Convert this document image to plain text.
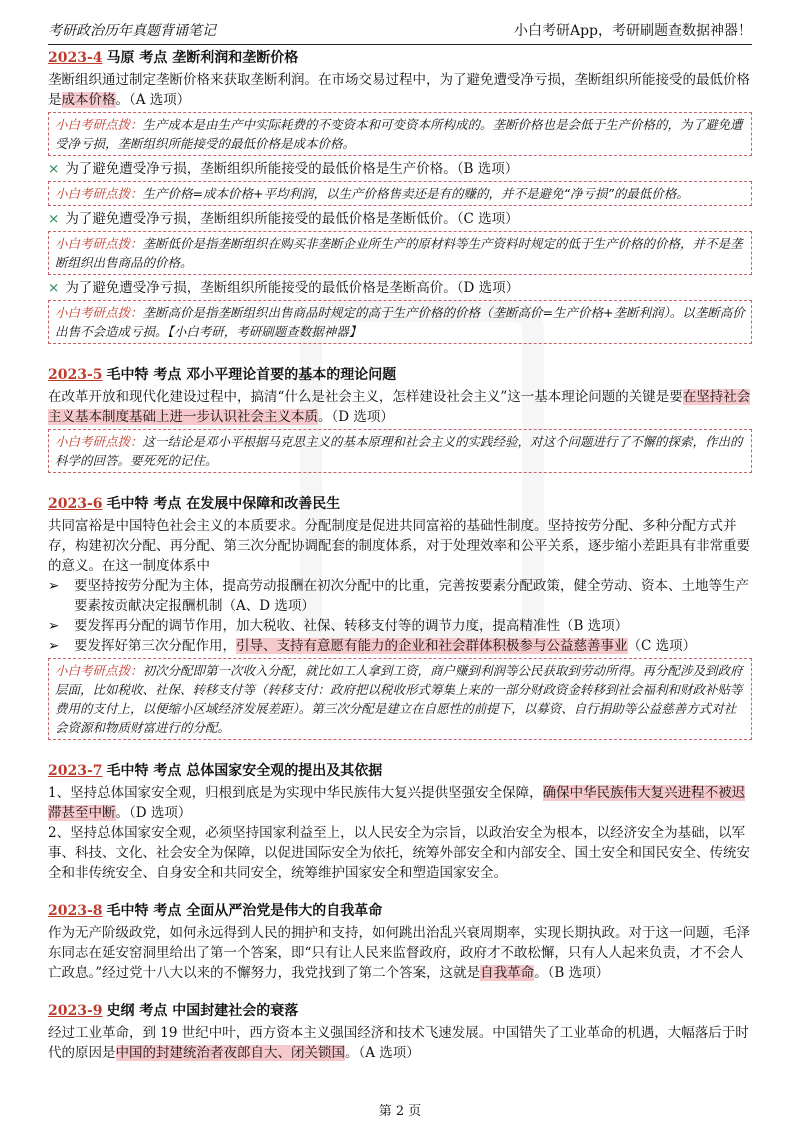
考研政治历年真题背诵笔记	小白考研App，考研刷题查数据神器！

2023-4 马原 考点 垄断利润和垄断价格

垄断组织通过制定垄断价格来获取垄断利润。在市场交易过程中，为了避免遭受净亏损，垄断组织所能接受的最低价格是成本价格。（A 选项）

小白考研点拨：生产成本是由生产中实际耗费的不变资本和可变资本所构成的。垄断价格也是会低于生产价格的，为了避免遭受净亏损，垄断组织所能接受的最低价格是成本价格。

× 为了避免遭受净亏损，垄断组织所能接受的最低价格是生产价格。（B 选项）

小白考研点拨：生产价格=成本价格+平均利润，以生产价格售卖还是有的赚的，并不是避免“净亏损”的最低价格。

× 为了避免遭受净亏损，垄断组织所能接受的最低价格是垄断低价。（C 选项）

小白考研点拨：垄断低价是指垄断组织在购买非垄断企业所生产的原材料等生产资料时规定的低于生产价格的价格，并不是垄断组织出售商品的价格。

× 为了避免遭受净亏损，垄断组织所能接受的最低价格是垄断高价。（D 选项）

小白考研点拨：垄断高价是指垄断组织出售商品时规定的高于生产价格的价格（垄断高价=生产价格+垄断利润）。以垄断高价出售不会造成亏损。【小白考研，考研刷题查数据神器】

2023-5 毛中特 考点 邓小平理论首要的基本的理论问题

在改革开放和现代化建设过程中，搞清“什么是社会主义，怎样建设社会主义”这一基本理论问题的关键是要在坚持社会主义基本制度基础上进一步认识社会主义本质。（D 选项）

小白考研点拨：这一结论是邓小平根据马克思主义的基本原理和社会主义的实践经验，对这个问题进行了不懈的探索，作出的科学的回答。要死死的记住。

2023-6 毛中特 考点 在发展中保障和改善民生

共同富裕是中国特色社会主义的本质要求。分配制度是促进共同富裕的基础性制度。坚持按劳分配、多种分配方式并存，构建初次分配、再分配、第三次分配协调配套的制度体系，对于处理效率和公平关系，逐步缩小差距具有非常重要的意义。在这一制度体系中

➢	要坚持按劳分配为主体，提高劳动报酬在初次分配中的比重，完善按要素分配政策，健全劳动、资本、土地等生产要素按贡献决定报酬机制（A、D 选项）
➢	要发挥再分配的调节作用，加大税收、社保、转移支付等的调节力度，提高精准性（B 选项）
➢	要发挥好第三次分配作用，引导、支持有意愿有能力的企业和社会群体积极参与公益慈善事业（C 选项）
小白考研点拨：初次分配即第一次收入分配，就比如工人拿到工资，商户赚到利润等公民获取到劳动所得。再分配涉及到政府层面，比如税收、社保、转移支付等（转移支付：政府把以税收形式筹集上来的一部分财政资金转移到社会福利和财政补贴等费用的支付上，以便缩小区域经济发展差距）。第三次分配是建立在自愿性的前提下，以募资、自行捐助等公益慈善方式对社会资源和物质财富进行的分配。

2023-7 毛中特 考点 总体国家安全观的提出及其依据

1、坚持总体国家安全观，归根到底是为实现中华民族伟大复兴提供坚强安全保障，确保中华民族伟大复兴进程不被迟滞甚至中断。（D 选项）

2、坚持总体国家安全观，必须坚持国家利益至上，以人民安全为宗旨，以政治安全为根本，以经济安全为基础，以军事、科技、文化、社会安全为保障，以促进国际安全为依托，统筹外部安全和内部安全、国土安全和国民安全、传统安全和非传统安全、自身安全和共同安全，统筹维护国家安全和塑造国家安全。

2023-8 毛中特 考点 全面从严治党是伟大的自我革命

作为无产阶级政党，如何永远得到人民的拥护和支持，如何跳出治乱兴衰周期率，实现长期执政。对于这一问题，毛泽东同志在延安窑洞里给出了第一个答案，即“只有让人民来监督政府，政府才不敢松懈，只有人人起来负责，才不会人亡政息。”经过党十八大以来的不懈努力，我党找到了第二个答案，这就是自我革命。（B 选项）

2023-9 史纲 考点 中国封建社会的衰落

经过工业革命，到 19 世纪中叶，西方资本主义强国经济和技术飞速发展。中国错失了工业革命的机遇，大幅落后于时代的原因是中国的封建统治者夜郎自大、闭关锁国。（A 选项）

第 2 页
